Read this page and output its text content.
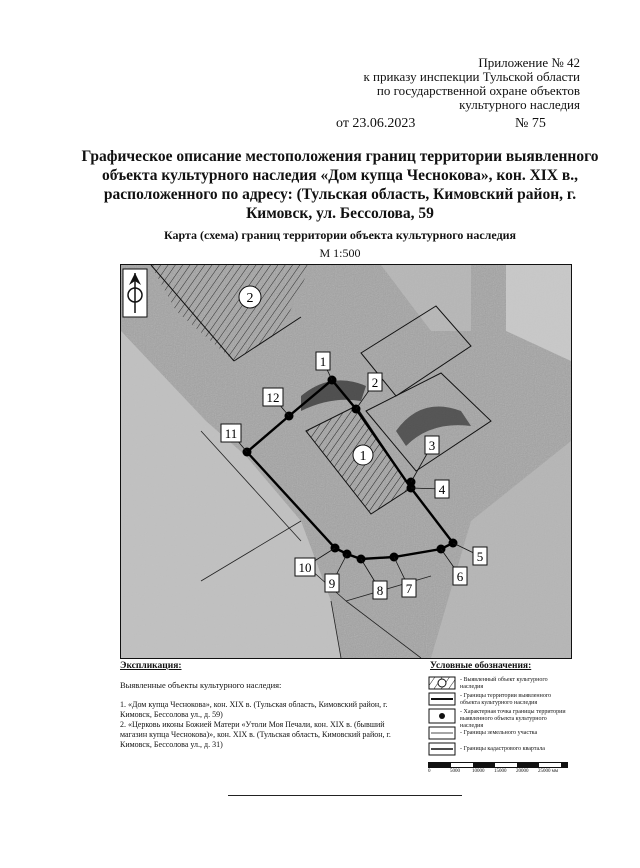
Приложение № 42
к приказу инспекции Тульской области
по государственной охране объектов
культурного наследия
от 23.06.2023	№ 75
Графическое описание местоположения границ территории выявленного объекта культурного наследия «Дом купца Чеснокова», кон. XIX в., расположенного по адресу: (Тульская область, Кимовский район, г. Кимовск, ул. Бессолова, 59
Карта (схема) границ территории объекта культурного наследия
М 1:500
2
1
1
2
3
4
5
6
7
8
9
10
11
12
Экспликация:
Выявленные объекты культурного наследия:
1. «Дом купца Чеснокова», кон. XIX в. (Тульская область, Кимовский район, г. Кимовск, Бессолова ул., д. 59)
2. «Церковь иконы Божией Матери «Утоли Моя Печали, кон. XIX в. (бывший магазин купца Чеснокова)», кон. XIX в. (Тульская область, Кимовский район, г. Кимовск, Бессолова ул., д. 31)
Условные обозначения:
- Выявленный объект культурного наследия
- Границы территории выявленного объекта культурного наследия
- Характерная точка границы территории выявленного объекта культурного наследия
- Границы земельного участка
- Границы кадастрового квартала
0	5000 10000 15000 20000 25000 мм
